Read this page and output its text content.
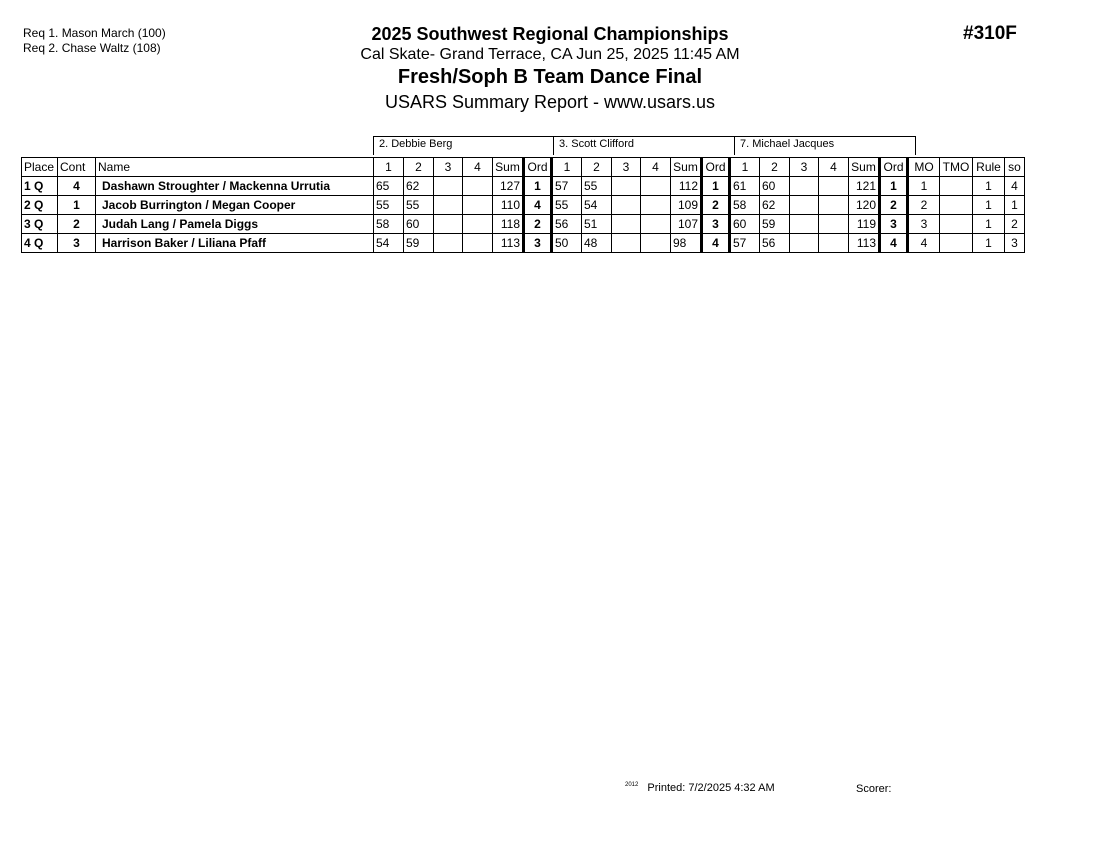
Req 1. Mason March (100)
Req 2. Chase Waltz (108)
2025 Southwest Regional Championships
Cal Skate- Grand Terrace, CA Jun 25, 2025 11:45 AM
Fresh/Soph B Team Dance Final
USARS Summary Report - www.usars.us
#310F
2. Debbie Berg	3. Scott Clifford	7. Michael Jacques
Place	Cont	Name	1	2	3	4	Sum	Ord	1	2	3	4	Sum	Ord	1	2	3	4	Sum	Ord	MO	TMO	Rule	so
1 Q	4	Dashawn Stroughter / Mackenna Urrutia	65	62			127	1	57	55			112	1	61	60			121	1	1		1	4
2 Q	1	Jacob Burrington / Megan Cooper	55	55			110	4	55	54			109	2	58	62			120	2	2		1	1
3 Q	2	Judah Lang / Pamela Diggs	58	60			118	2	56	51			107	3	60	59			119	3	3		1	2
4 Q	3	Harrison Baker / Liliana Pfaff	54	59			113	3	50	48			98	4	57	56			113	4	4		1	3
$^{2012}$ Printed: 7/2/2025 4:32 AM	Scorer:
